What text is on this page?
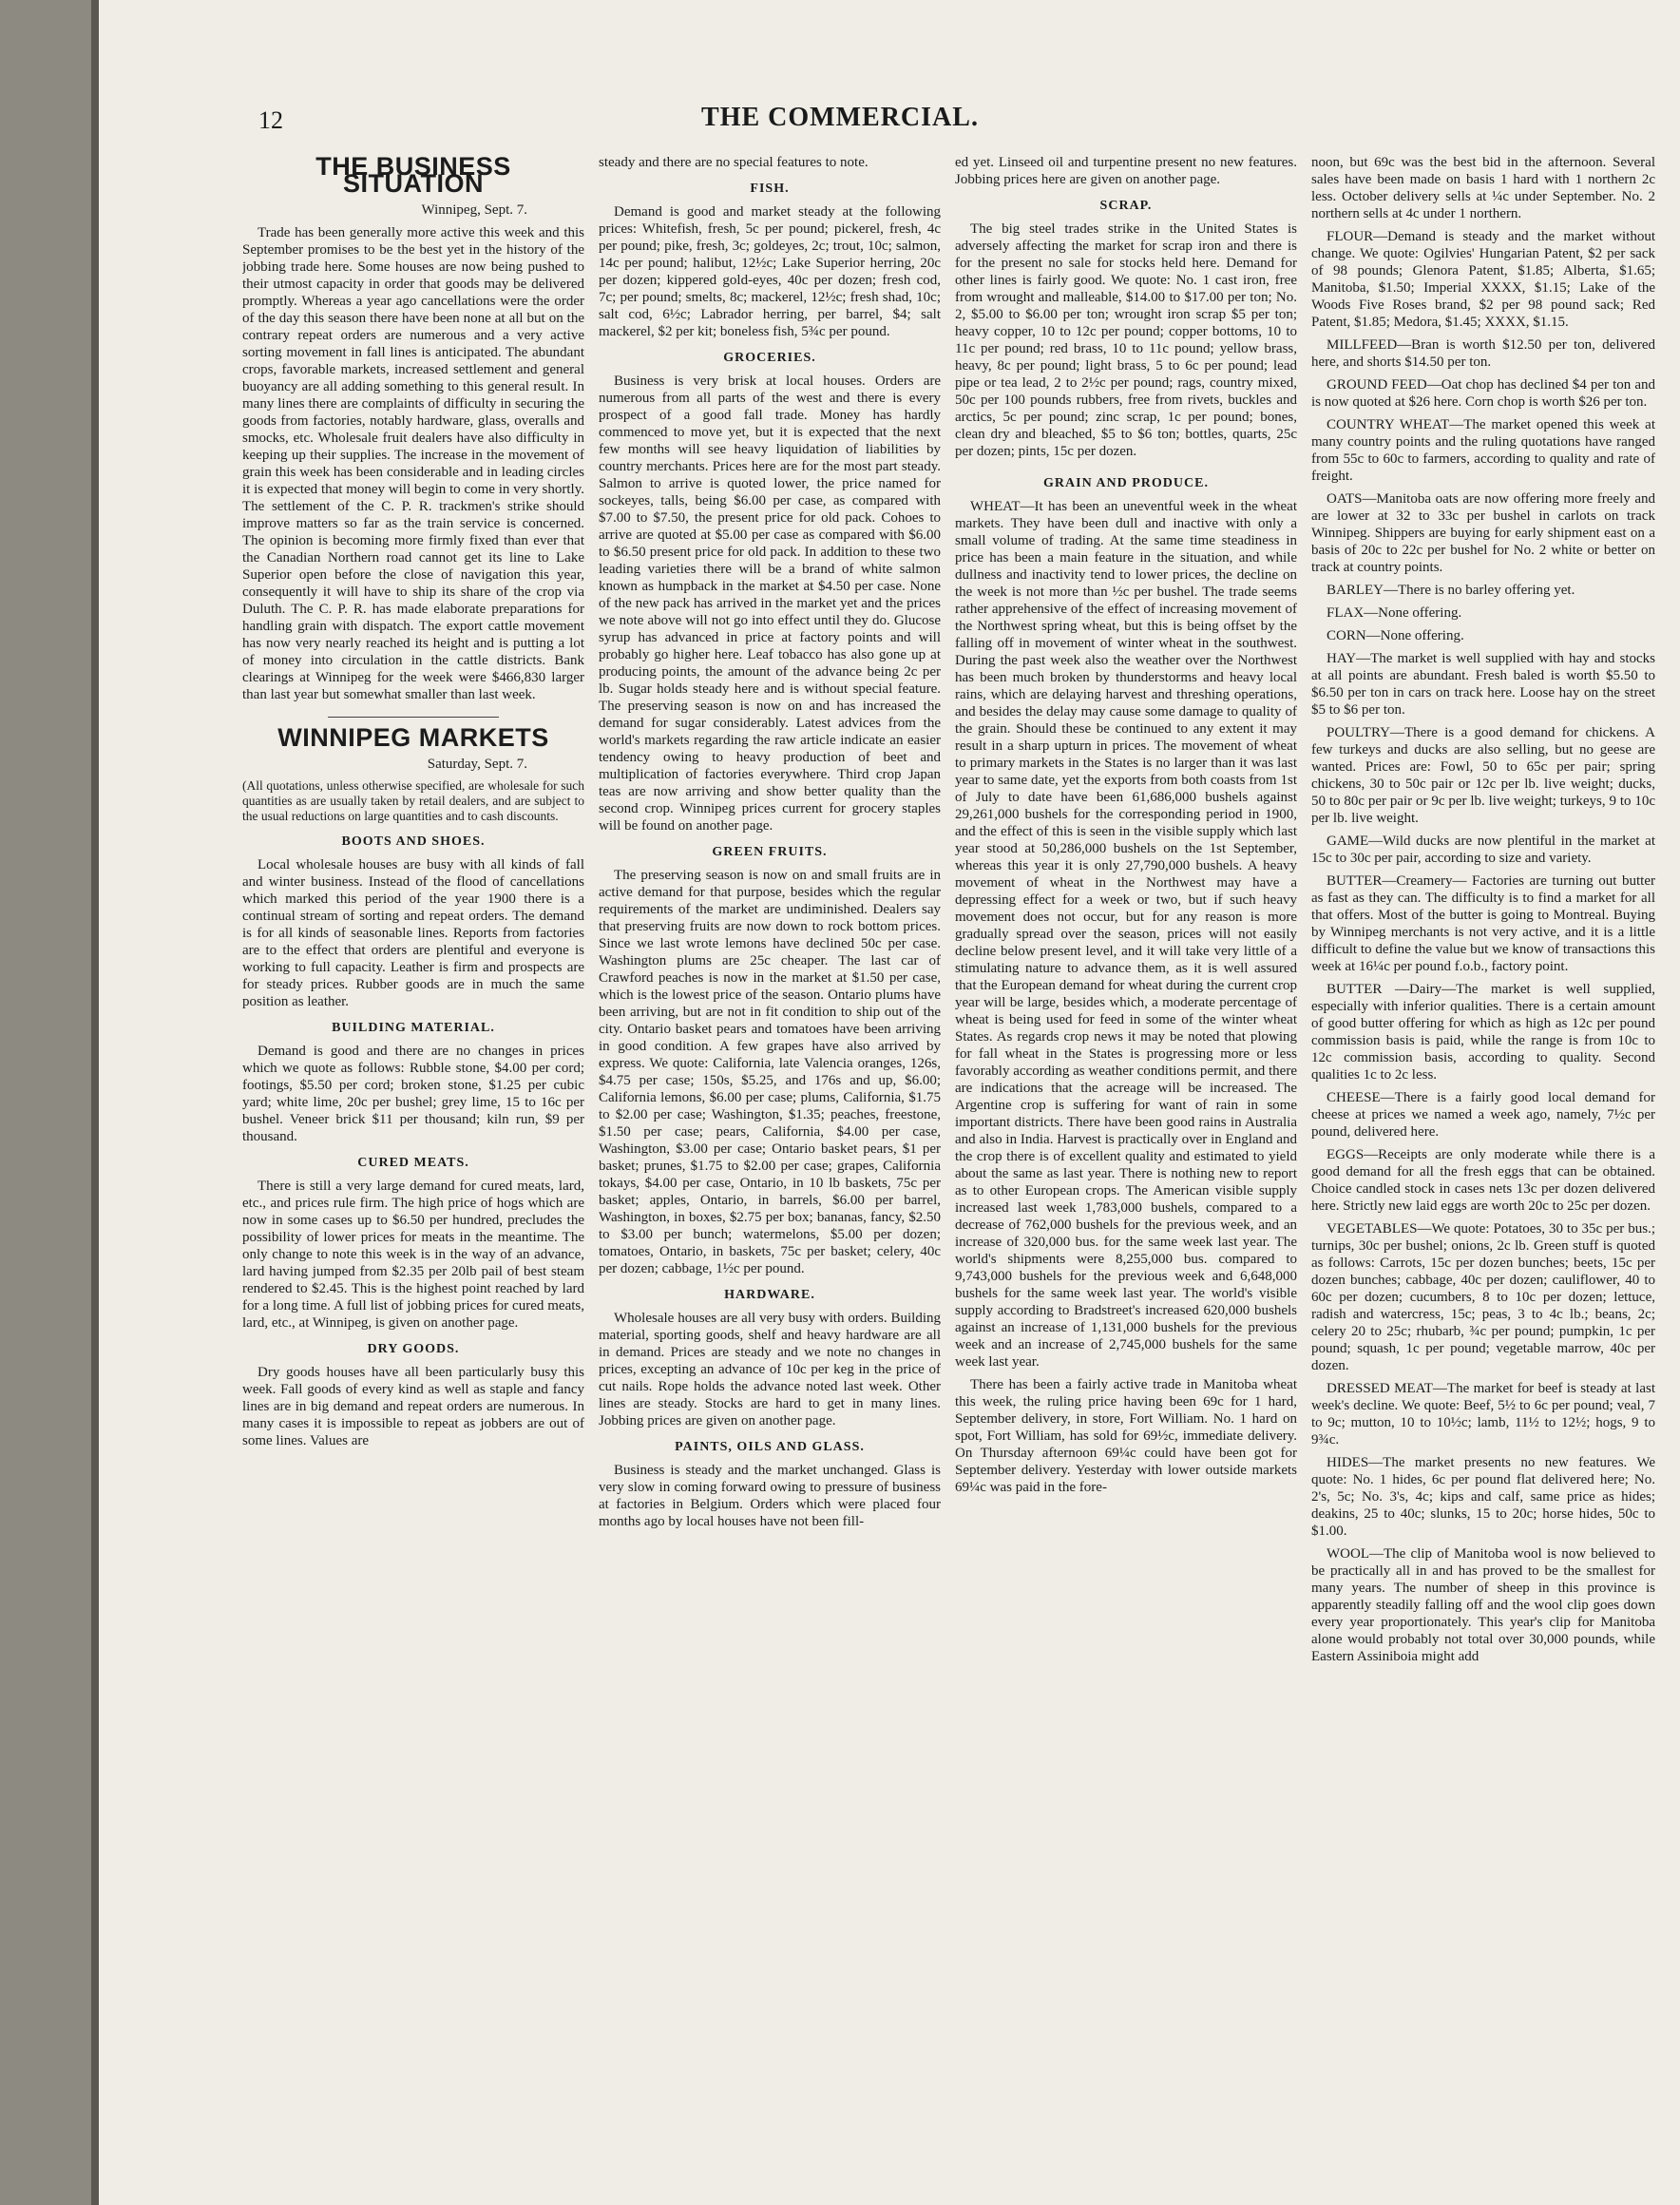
12	THE COMMERCIAL.
THE BUSINESS SITUATION
Winnipeg, Sept. 7.

Trade has been generally more active this week and this September promises to be the best yet in the history of the jobbing trade here. Some houses are now being pushed to their utmost capacity in order that goods may be delivered promptly. Whereas a year ago cancellations were the order of the day this season there have been none at all but on the contrary repeat orders are numerous and a very active sorting movement in fall lines is anticipated. The abundant crops, favorable markets, increased settlement and general buoyancy are all adding something to this general result. In many lines there are complaints of difficulty in securing the goods from factories, notably hardware, glass, overalls and smocks, etc. Wholesale fruit dealers have also difficulty in keeping up their supplies. The increase in the movement of grain this week has been considerable and in leading circles it is expected that money will begin to come in very shortly. The settlement of the C. P. R. trackmen's strike should improve matters so far as the train service is concerned. The opinion is becoming more firmly fixed than ever that the Canadian Northern road cannot get its line to Lake Superior open before the close of navigation this year, consequently it will have to ship its share of the crop via Duluth. The C. P. R. has made elaborate preparations for handling grain with dispatch. The export cattle movement has now very nearly reached its height and is putting a lot of money into circulation in the cattle districts. Bank clearings at Winnipeg for the week were $466,830 larger than last year but somewhat smaller than last week.

WINNIPEG MARKETS
Saturday, Sept. 7.
(All quotations, unless otherwise specified, are wholesale for such quantities as are usually taken by retail dealers, and are subject to the usual reductions on large quantities and to cash discounts.
BOOTS AND SHOES.

Local wholesale houses are busy with all kinds of fall and winter business. Instead of the flood of cancellations which marked this period of the year 1900 there is a continual stream of sorting and repeat orders. The demand is for all kinds of seasonable lines. Reports from factories are to the effect that orders are plentiful and everyone is working to full capacity. Leather is firm and prospects are for steady prices. Rubber goods are in much the same position as leather.

BUILDING MATERIAL.

Demand is good and there are no changes in prices which we quote as follows: Rubble stone, $4.00 per cord; footings, $5.50 per cord; broken stone, $1.25 per cubic yard; white lime, 20c per bushel; grey lime, 15 to 16c per bushel. Veneer brick $11 per thousand; kiln run, $9 per thousand.

CURED MEATS.

There is still a very large demand for cured meats, lard, etc., and prices rule firm. The high price of hogs which are now in some cases up to $6.50 per hundred, precludes the possibility of lower prices for meats in the meantime. The only change to note this week is in the way of an advance, lard having jumped from $2.35 per 20lb pail of best steam rendered to $2.45. This is the highest point reached by lard for a long time. A full list of jobbing prices for cured meats, lard, etc., at Winnipeg, is given on another page.

DRY GOODS.

Dry goods houses have all been particularly busy this week. Fall goods of every kind as well as staple and fancy lines are in big demand and repeat orders are numerous. In many cases it is impossible to repeat as jobbers are out of some lines. Values are

steady and there are no special features to note.

FISH.

Demand is good and market steady at the following prices: Whitefish, fresh, 5c per pound; pickerel, fresh, 4c per pound; pike, fresh, 3c; goldeyes, 2c; trout, 10c; salmon, 14c per pound; halibut, 12½c; Lake Superior herring, 20c per dozen; kippered gold-eyes, 40c per dozen; fresh cod, 7c; per pound; smelts, 8c; mackerel, 12½c; fresh shad, 10c; salt cod, 6½c; Labrador herring, per barrel, $4; salt mackerel, $2 per kit; boneless fish, 5¾c per pound.

GROCERIES.

Business is very brisk at local houses. Orders are numerous from all parts of the west and there is every prospect of a good fall trade. Money has hardly commenced to move yet, but it is expected that the next few months will see heavy liquidation of liabilities by country merchants. Prices here are for the most part steady. Salmon to arrive is quoted lower, the price named for sockeyes, talls, being $6.00 per case, as compared with $7.00 to $7.50, the present price for old pack. Cohoes to arrive are quoted at $5.00 per case as compared with $6.00 to $6.50 present price for old pack. In addition to these two leading varieties there will be a brand of white salmon known as humpback in the market at $4.50 per case. None of the new pack has arrived in the market yet and the prices we note above will not go into effect until they do. Glucose syrup has advanced in price at factory points and will probably go higher here. Leaf tobacco has also gone up at producing points, the amount of the advance being 2c per lb. Sugar holds steady here and is without special feature. The preserving season is now on and has increased the demand for sugar considerably. Latest advices from the world's markets regarding the raw article indicate an easier tendency owing to heavy production of beet and multiplication of factories everywhere. Third crop Japan teas are now arriving and show better quality than the second crop. Winnipeg prices current for grocery staples will be found on another page.

GREEN FRUITS.

The preserving season is now on and small fruits are in active demand for that purpose, besides which the regular requirements of the market are undiminished. Dealers say that preserving fruits are now down to rock bottom prices. Since we last wrote lemons have declined 50c per case. Washington plums are 25c cheaper. The last car of Crawford peaches is now in the market at $1.50 per case, which is the lowest price of the season. Ontario plums have been arriving, but are not in fit condition to ship out of the city. Ontario basket pears and tomatoes have been arriving in good condition. A few grapes have also arrived by express. We quote: California, late Valencia oranges, 126s, $4.75 per case; 150s, $5.25, and 176s and up, $6.00; California lemons, $6.00 per case; plums, California, $1.75 to $2.00 per case; Washington, $1.35; peaches, freestone, $1.50 per case; pears, California, $4.00 per case, Washington, $3.00 per case; Ontario basket pears, $1 per basket; prunes, $1.75 to $2.00 per case; grapes, California tokays, $4.00 per case, Ontario, in 10 lb baskets, 75c per basket; apples, Ontario, in barrels, $6.00 per barrel, Washington, in boxes, $2.75 per box; bananas, fancy, $2.50 to $3.00 per bunch; watermelons, $5.00 per dozen; tomatoes, Ontario, in baskets, 75c per basket; celery, 40c per dozen; cabbage, 1½c per pound.

HARDWARE.

Wholesale houses are all very busy with orders. Building material, sporting goods, shelf and heavy hardware are all in demand. Prices are steady and we note no changes in prices, excepting an advance of 10c per keg in the price of cut nails. Rope holds the advance noted last week. Other lines are steady. Stocks are hard to get in many lines. Jobbing prices are given on another page.

PAINTS, OILS AND GLASS.

Business is steady and the market unchanged. Glass is very slow in coming forward owing to pressure of business at factories in Belgium. Orders which were placed four months ago by local houses have not been fill-

ed yet. Linseed oil and turpentine present no new features. Jobbing prices here are given on another page.

SCRAP.

The big steel trades strike in the United States is adversely affecting the market for scrap iron and there is for the present no sale for stocks held here. Demand for other lines is fairly good. We quote: No. 1 cast iron, free from wrought and malleable, $14.00 to $17.00 per ton; No. 2, $5.00 to $6.00 per ton; wrought iron scrap $5 per ton; heavy copper, 10 to 12c per pound; copper bottoms, 10 to 11c per pound; red brass, 10 to 11c pound; yellow brass, heavy, 8c per pound; light brass, 5 to 6c per pound; lead pipe or tea lead, 2 to 2½c per pound; rags, country mixed, 50c per 100 pounds rubbers, free from rivets, buckles and arctics, 5c per pound; zinc scrap, 1c per pound; bones, clean dry and bleached, $5 to $6 ton; bottles, quarts, 25c per dozen; pints, 15c per dozen.

GRAIN AND PRODUCE.

WHEAT—It has been an uneventful week in the wheat markets. They have been dull and inactive with only a small volume of trading. At the same time steadiness in price has been a main feature in the situation, and while dullness and inactivity tend to lower prices, the decline on the week is not more than ½c per bushel. The trade seems rather apprehensive of the effect of increasing movement of the Northwest spring wheat, but this is being offset by the falling off in movement of winter wheat in the southwest. During the past week also the weather over the Northwest has been much broken by thunderstorms and heavy local rains, which are delaying harvest and threshing operations, and besides the delay may cause some damage to quality of the grain. Should these be continued to any extent it may result in a sharp upturn in prices. The movement of wheat to primary markets in the States is no larger than it was last year to same date, yet the exports from both coasts from 1st of July to date have been 61,686,000 bushels against 29,261,000 bushels for the corresponding period in 1900, and the effect of this is seen in the visible supply which last year stood at 50,286,000 bushels on the 1st September, whereas this year it is only 27,790,000 bushels. A heavy movement of wheat in the Northwest may have a depressing effect for a week or two, but if such heavy movement does not occur, but for any reason is more gradually spread over the season, prices will not easily decline below present level, and it will take very little of a stimulating nature to advance them, as it is well assured that the European demand for wheat during the current crop year will be large, besides which, a moderate percentage of wheat is being used for feed in some of the winter wheat States. As regards crop news it may be noted that plowing for fall wheat in the States is progressing more or less favorably according as weather conditions permit, and there are indications that the acreage will be increased. The Argentine crop is suffering for want of rain in some important districts. There have been good rains in Australia and also in India. Harvest is practically over in England and the crop there is of excellent quality and estimated to yield about the same as last year. There is nothing new to report as to other European crops. The American visible supply increased last week 1,783,000 bushels, compared to a decrease of 762,000 bushels for the previous week, and an increase of 320,000 bus. for the same week last year. The world's shipments were 8,255,000 bus. compared to 9,743,000 bushels for the previous week and 6,648,000 bushels for the same week last year. The world's visible supply according to Bradstreet's increased 620,000 bushels against an increase of 1,131,000 bushels for the previous week and an increase of 2,745,000 bushels for the same week last year.

There has been a fairly active trade in Manitoba wheat this week, the ruling price having been 69c for 1 hard, September delivery, in store, Fort William. No. 1 hard on spot, Fort William, has sold for 69½c, immediate delivery. On Thursday afternoon 69¼c could have been got for September delivery. Yesterday with lower outside markets 69¼c was paid in the fore-

noon, but 69c was the best bid in the afternoon. Several sales have been made on basis 1 hard with 1 northern 2c less. October delivery sells at ¼c under September. No. 2 northern sells at 4c under 1 northern.

FLOUR—Demand is steady and the market without change. We quote: Ogilvies' Hungarian Patent, $2 per sack of 98 pounds; Glenora Patent, $1.85; Alberta, $1.65; Manitoba, $1.50; Imperial XXXX, $1.15; Lake of the Woods Five Roses brand, $2 per 98 pound sack; Red Patent, $1.85; Medora, $1.45; XXXX, $1.15.

MILLFEED—Bran is worth $12.50 per ton, delivered here, and shorts $14.50 per ton.

GROUND FEED—Oat chop has declined $4 per ton and is now quoted at $26 here. Corn chop is worth $26 per ton.

COUNTRY WHEAT—The market opened this week at many country points and the ruling quotations have ranged from 55c to 60c to farmers, according to quality and rate of freight.

OATS—Manitoba oats are now offering more freely and are lower at 32 to 33c per bushel in carlots on track Winnipeg. Shippers are buying for early shipment east on a basis of 20c to 22c per bushel for No. 2 white or better on track at country points.

BARLEY—There is no barley offering yet.

FLAX—None offering.

CORN—None offering.

HAY—The market is well supplied with hay and stocks at all points are abundant. Fresh baled is worth $5.50 to $6.50 per ton in cars on track here. Loose hay on the street $5 to $6 per ton.

POULTRY—There is a good demand for chickens. A few turkeys and ducks are also selling, but no geese are wanted. Prices are: Fowl, 50 to 65c per pair; spring chickens, 30 to 50c pair or 12c per lb. live weight; ducks, 50 to 80c per pair or 9c per lb. live weight; turkeys, 9 to 10c per lb. live weight.

GAME—Wild ducks are now plentiful in the market at 15c to 30c per pair, according to size and variety.

BUTTER—Creamery— Factories are turning out butter as fast as they can. The difficulty is to find a market for all that offers. Most of the butter is going to Montreal. Buying by Winnipeg merchants is not very active, and it is a little difficult to define the value but we know of transactions this week at 16¼c per pound f.o.b., factory point.

BUTTER —Dairy—The market is well supplied, especially with inferior qualities. There is a certain amount of good butter offering for which as high as 12c per pound commission basis is paid, while the range is from 10c to 12c commission basis, according to quality. Second qualities 1c to 2c less.

CHEESE—There is a fairly good local demand for cheese at prices we named a week ago, namely, 7½c per pound, delivered here.

EGGS—Receipts are only moderate while there is a good demand for all the fresh eggs that can be obtained. Choice candled stock in cases nets 13c per dozen delivered here. Strictly new laid eggs are worth 20c to 25c per dozen.

VEGETABLES—We quote: Potatoes, 30 to 35c per bus.; turnips, 30c per bushel; onions, 2c lb. Green stuff is quoted as follows: Carrots, 15c per dozen bunches; beets, 15c per dozen bunches; cabbage, 40c per dozen; cauliflower, 40 to 60c per dozen; cucumbers, 8 to 10c per dozen; lettuce, radish and watercress, 15c; peas, 3 to 4c lb.; beans, 2c; celery 20 to 25c; rhubarb, ¾c per pound; pumpkin, 1c per pound; squash, 1c per pound; vegetable marrow, 40c per dozen.

DRESSED MEAT—The market for beef is steady at last week's decline. We quote: Beef, 5½ to 6c per pound; veal, 7 to 9c; mutton, 10 to 10½c; lamb, 11½ to 12½; hogs, 9 to 9¾c.

HIDES—The market presents no new features. We quote: No. 1 hides, 6c per pound flat delivered here; No. 2's, 5c; No. 3's, 4c; kips and calf, same price as hides; deakins, 25 to 40c; slunks, 15 to 20c; horse hides, 50c to $1.00.

WOOL—The clip of Manitoba wool is now believed to be practically all in and has proved to be the smallest for many years. The number of sheep in this province is apparently steadily falling off and the wool clip goes down every year proportionately. This year's clip for Manitoba alone would probably not total over 30,000 pounds, while Eastern Assiniboia might add
